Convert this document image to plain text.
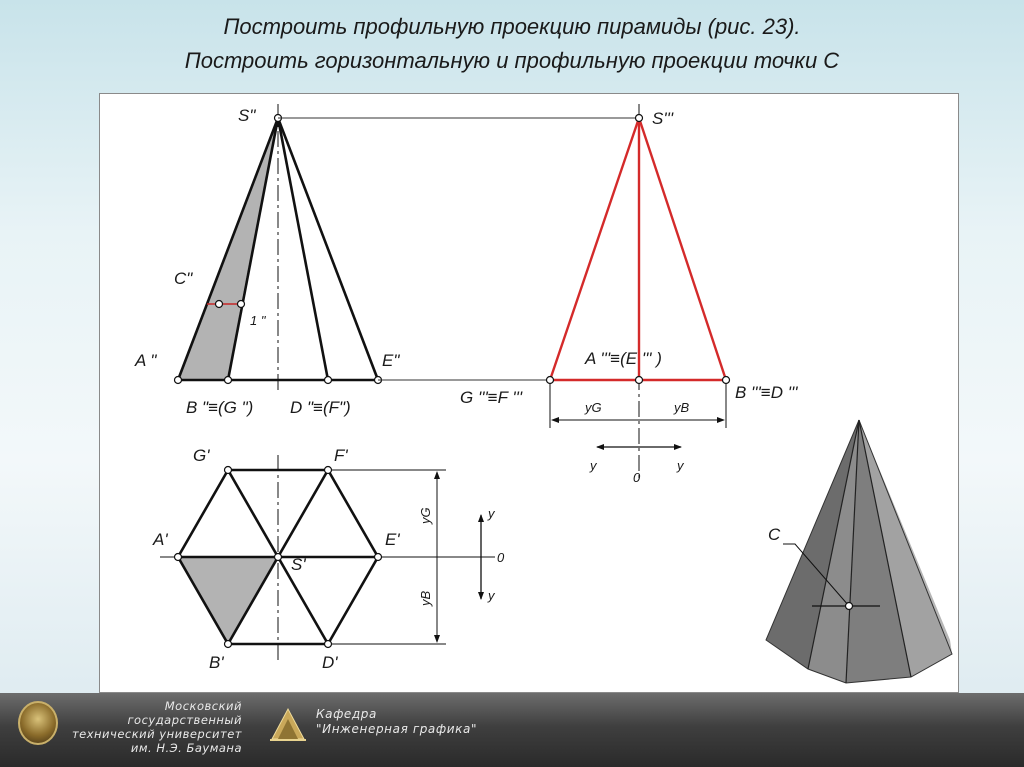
Построить профильную проекцию пирамиды (рис. 23).
Построить горизонтальную и профильную проекции точки С
S"	S'''
C"
1 "
A "	E"
B "≡(G ") D "≡(F")
A '''≡(E ''' )
G '''≡F '''	B '''≡D '''
yG	yB
y	y
0
G'	F'
A'	E'
S'
B'	D'
yG
yB
y
y
0
C
Московский государственный
технический университет
им. Н.Э. Баумана
Кафедра
"Инженерная графика"
